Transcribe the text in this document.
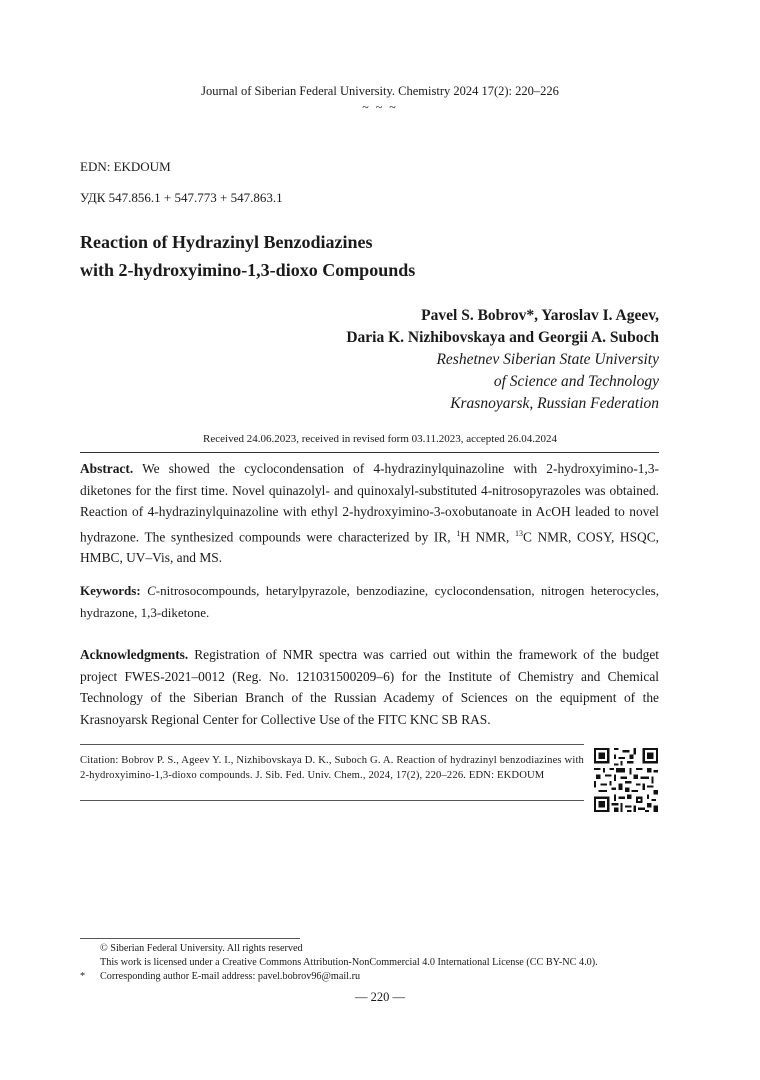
Journal of Siberian Federal University. Chemistry 2024 17(2): 220–226
~ ~ ~
EDN: EKDOUM
УДК 547.856.1 + 547.773 + 547.863.1
Reaction of Hydrazinyl Benzodiazines
with 2-hydroxyimino-1,3-dioxo Compounds
Pavel S. Bobrov*, Yaroslav I. Ageev,
Daria K. Nizhibovskaya and Georgii A. Suboch
Reshetnev Siberian State University
of Science and Technology
Krasnoyarsk, Russian Federation
Received 24.06.2023, received in revised form 03.11.2023, accepted 26.04.2024
Abstract. We showed the cyclocondensation of 4-hydrazinylquinazoline with 2-hydroxyimino-1,3-diketones for the first time. Novel quinazolyl- and quinoxalyl-substituted 4-nitrosopyrazoles was obtained. Reaction of 4-hydrazinylquinazoline with ethyl 2-hydroxyimino-3-oxobutanoate in AcOH leaded to novel hydrazone. The synthesized compounds were characterized by IR, $^1$H NMR, $^{13}$C NMR, COSY, HSQC, HMBC, UV–Vis, and MS.
Keywords: C-nitrosocompounds, hetarylpyrazole, benzodiazine, cyclocondensation, nitrogen heterocycles, hydrazone, 1,3-diketone.
Acknowledgments. Registration of NMR spectra was carried out within the framework of the budget project FWES-2021–0012 (Reg. No. 121031500209–6) for the Institute of Chemistry and Chemical Technology of the Siberian Branch of the Russian Academy of Sciences on the equipment of the Krasnoyarsk Regional Center for Collective Use of the FITC KNC SB RAS.
Citation: Bobrov P. S., Ageev Y. I., Nizhibovskaya D. K., Suboch G. A. Reaction of hydrazinyl benzodiazines with 2-hydroxyimino-1,3-dioxo compounds. J. Sib. Fed. Univ. Chem., 2024, 17(2), 220–226. EDN: EKDOUM
© Siberian Federal University. All rights reserved
This work is licensed under a Creative Commons Attribution-NonCommercial 4.0 International License (CC BY-NC 4.0).
* Corresponding author E-mail address: pavel.bobrov96@mail.ru
— 220 —
